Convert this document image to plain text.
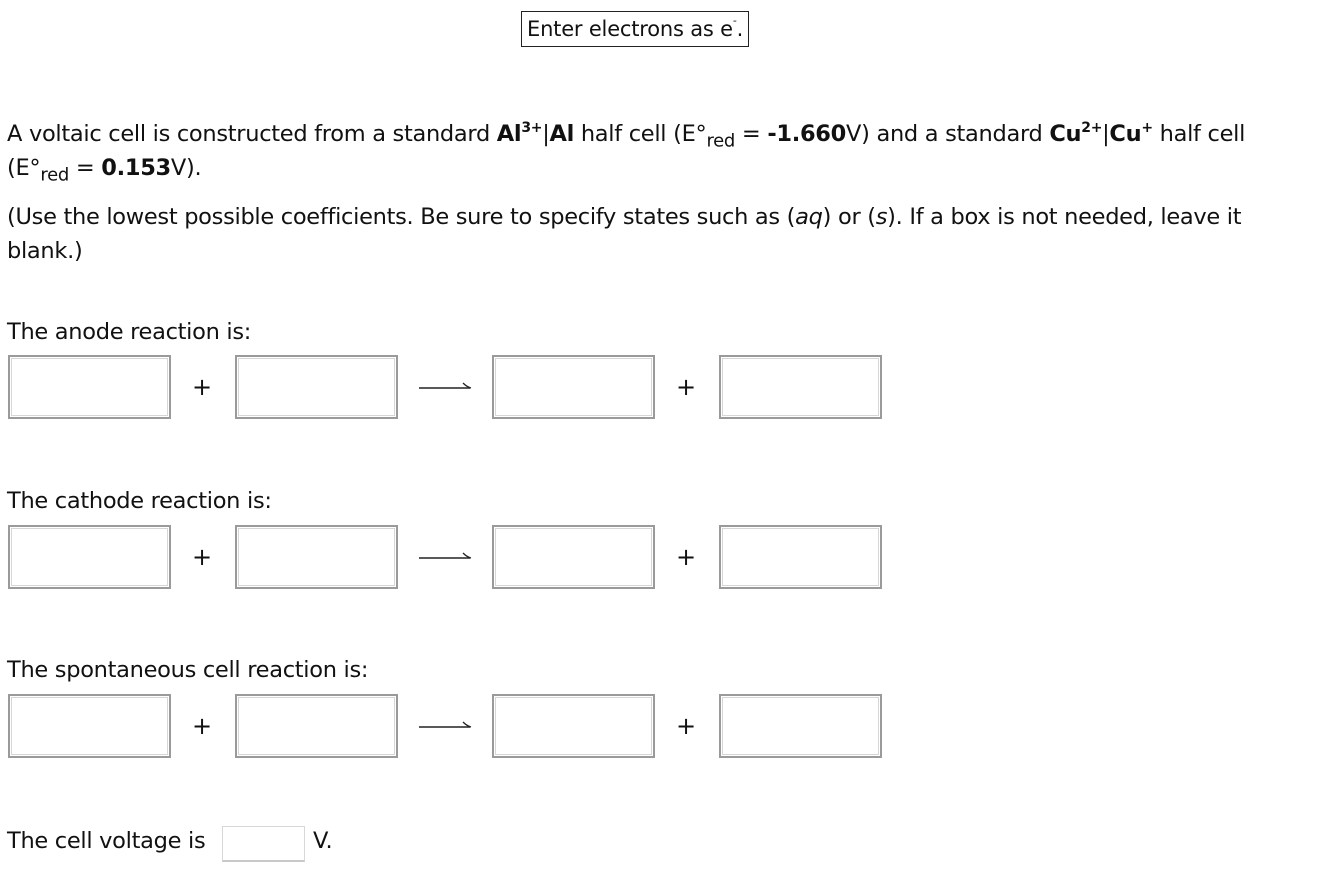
Enter electrons as e - .
A voltaic cell is constructed from a standard $Al^{3+}|Al$ half cell $(E^\circ_{red} = -1.660V)$ and a standard $Cu^{2+}|Cu^+$ half cell $(E^\circ_{red} = 0.153V)$.
(Use the lowest possible coefficients. Be sure to specify states such as (aq) or (s). If a box is not needed, leave it blank.)
The anode reaction is:
+	+
The cathode reaction is:
+	+
The spontaneous cell reaction is:
+	+
The cell voltage is	V.
